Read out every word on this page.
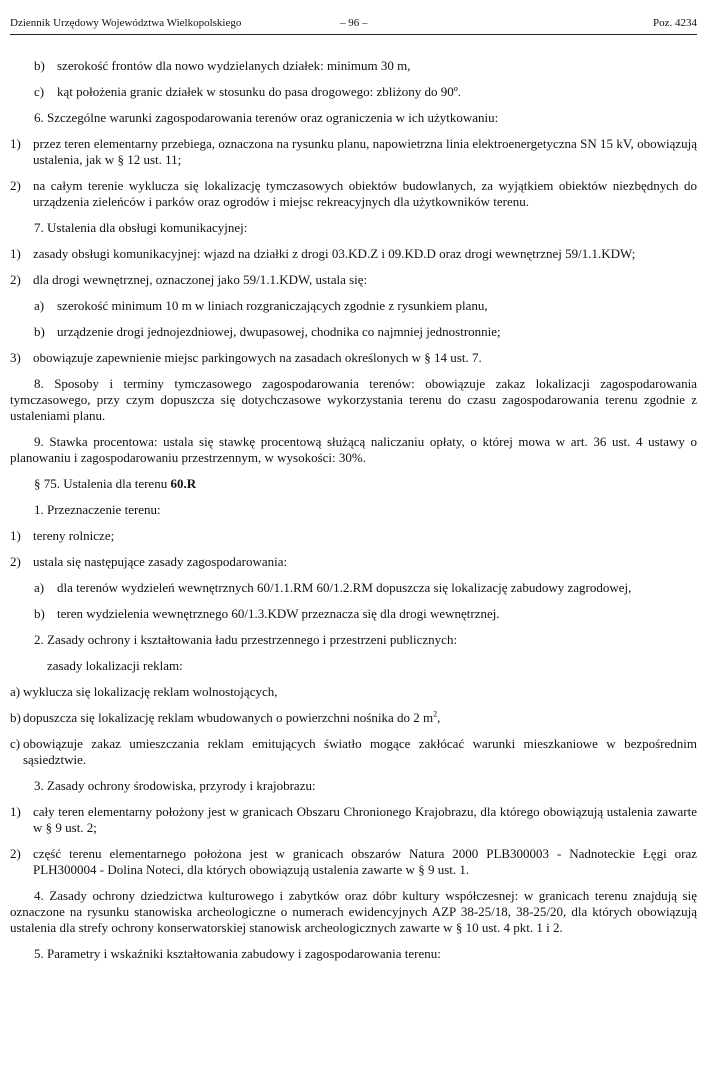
Dziennik Urzędowy Województwa Wielkopolskiego	– 96 –	Poz. 4234
b) szerokość frontów dla nowo wydzielanych działek: minimum 30 m,
c) kąt położenia granic działek w stosunku do pasa drogowego: zbliżony do 90º.

6. Szczególne warunki zagospodarowania terenów oraz ograniczenia w ich użytkowaniu:

1) przez teren elementarny przebiega, oznaczona na rysunku planu, napowietrzna linia elektroenergetyczna SN 15 kV, obowiązują ustalenia, jak w § 12 ust. 11;
2) na całym terenie wyklucza się lokalizację tymczasowych obiektów budowlanych, za wyjątkiem obiektów niezbędnych do urządzenia zieleńców i parków oraz ogrodów i miejsc rekreacyjnych dla użytkowników terenu.

7. Ustalenia dla obsługi komunikacyjnej:

1) zasady obsługi komunikacyjnej: wjazd na działki z drogi 03.KD.Z i 09.KD.D oraz drogi wewnętrznej 59/1.1.KDW;
2) dla drogi wewnętrznej, oznaczonej jako 59/1.1.KDW, ustala się:
a) szerokość minimum 10 m w liniach rozgraniczających zgodnie z rysunkiem planu,
b) urządzenie drogi jednojezdniowej, dwupasowej, chodnika co najmniej jednostronnie;
3) obowiązuje zapewnienie miejsc parkingowych na zasadach określonych w § 14 ust. 7.

8. Sposoby i terminy tymczasowego zagospodarowania terenów: obowiązuje zakaz lokalizacji zagospodarowania tymczasowego, przy czym dopuszcza się dotychczasowe wykorzystania terenu do czasu zagospodarowania terenu zgodnie z ustaleniami planu.

9. Stawka procentowa: ustala się stawkę procentową służącą naliczaniu opłaty, o której mowa w art. 36 ust. 4 ustawy o planowaniu i zagospodarowaniu przestrzennym, w wysokości: 30%.

§ 75. Ustalenia dla terenu 60.R

1. Przeznaczenie terenu:

1) tereny rolnicze;
2) ustala się następujące zasady zagospodarowania:
a) dla terenów wydzieleń wewnętrznych 60/1.1.RM 60/1.2.RM dopuszcza się lokalizację zabudowy zagrodowej,
b) teren wydzielenia wewnętrznego 60/1.3.KDW przeznacza się dla drogi wewnętrznej.

2. Zasady ochrony i kształtowania ładu przestrzennego i przestrzeni publicznych:

zasady lokalizacji reklam:
a) wyklucza się lokalizację reklam wolnostojących,
b) dopuszcza się lokalizację reklam wbudowanych o powierzchni nośnika do 2 $m^2$,
c) obowiązuje zakaz umieszczania reklam emitujących światło mogące zakłócać warunki mieszkaniowe w bezpośrednim sąsiedztwie.

3. Zasady ochrony środowiska, przyrody i krajobrazu:

1) cały teren elementarny położony jest w granicach Obszaru Chronionego Krajobrazu, dla którego obowiązują ustalenia zawarte w § 9 ust. 2;
2) część terenu elementarnego położona jest w granicach obszarów Natura 2000 PLB300003 - Nadnoteckie Łęgi oraz PLH300004 - Dolina Noteci, dla których obowiązują ustalenia zawarte w § 9 ust. 1.

4. Zasady ochrony dziedzictwa kulturowego i zabytków oraz dóbr kultury współczesnej: w granicach terenu znajdują się oznaczone na rysunku stanowiska archeologiczne o numerach ewidencyjnych AZP 38-25/18, 38-25/20, dla których obowiązują ustalenia dla strefy ochrony konserwatorskiej stanowisk archeologicznych zawarte w § 10 ust. 4 pkt. 1 i 2.

5. Parametry i wskaźniki kształtowania zabudowy i zagospodarowania terenu:
